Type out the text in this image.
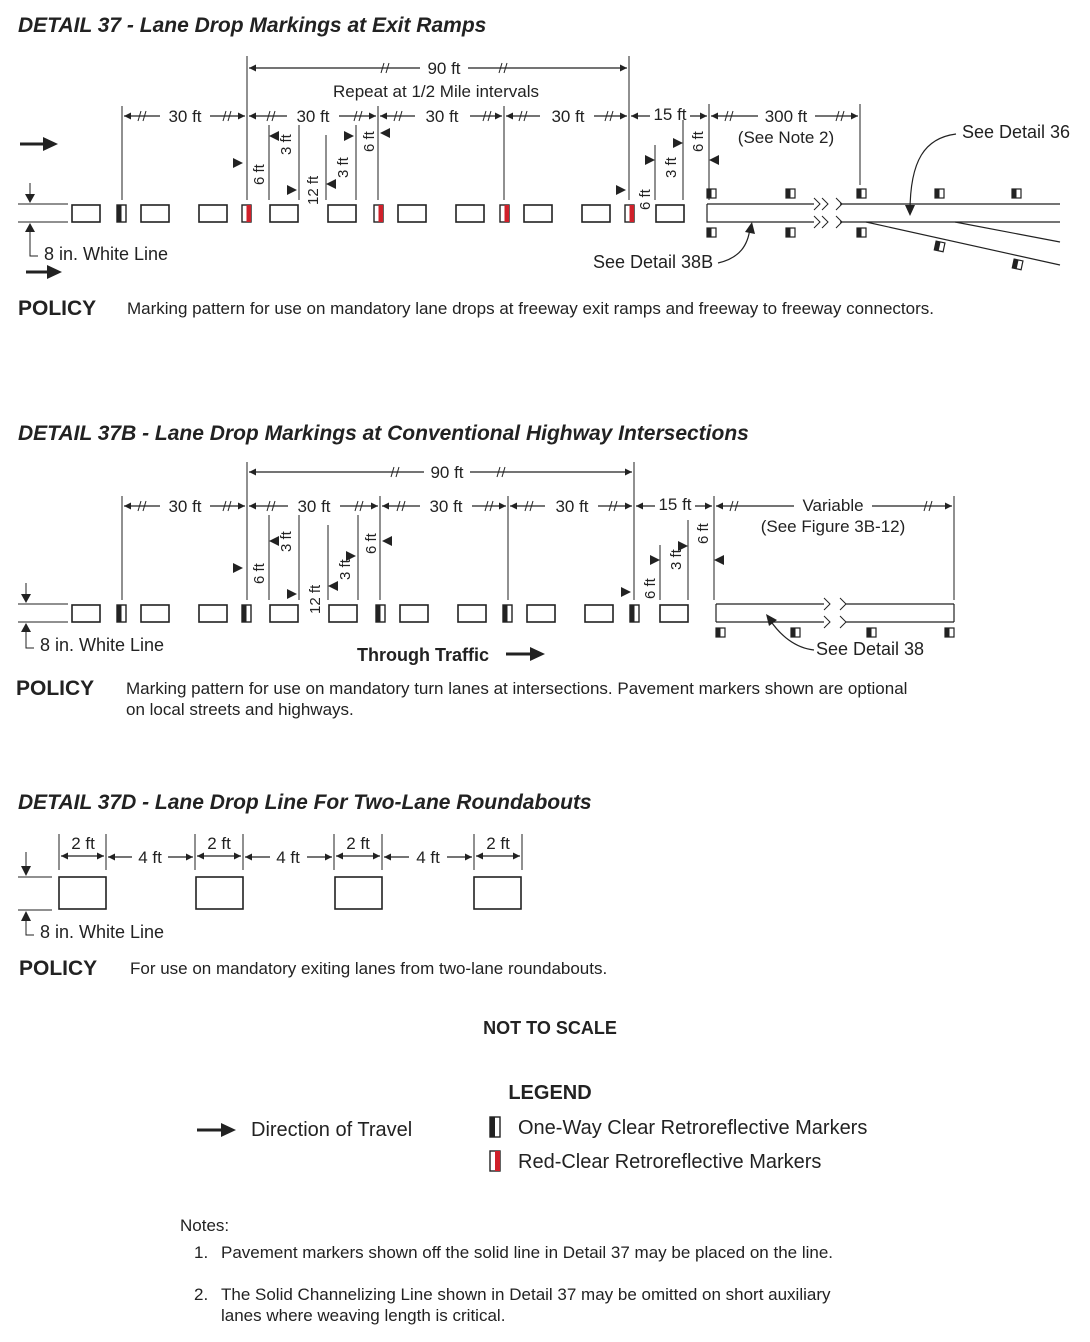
DETAIL 37 - Lane Drop Markings at Exit Ramps
90 ft
Repeat at 1/2 Mile intervals
30 ft	30 ft	30 ft	30 ft	15 ft	300 ft
(See Note 2)
6 ft
3 ft
12 ft
3 ft
6 ft
6 ft
3 ft
6 ft
8 in. White Line
See Detail 36
See Detail 38B
POLICY Marking pattern for use on mandatory lane drops at freeway exit ramps and freeway to freeway connectors.
DETAIL 37B - Lane Drop Markings at Conventional Highway Intersections
90 ft
30 ft	30 ft	30 ft	30 ft	15 ft	Variable
(See Figure 3B-12)
6 ft
3 ft
12 ft
3 ft
6 ft
6 ft
3 ft
6 ft
8 in. White Line	See Detail 38
Through Traffic
POLICY Marking pattern for use on mandatory turn lanes at intersections. Pavement markers shown are optional
on local streets and highways.
DETAIL 37D - Lane Drop Line For Two-Lane Roundabouts
2 ft	2 ft	2 ft	2 ft
4 ft	4 ft	4 ft
8 in. White Line
POLICY For use on mandatory exiting lanes from two-lane roundabouts.
NOT TO SCALE
LEGEND
Direction of Travel	One-Way Clear Retroreflective Markers
Red-Clear Retroreflective Markers
Notes:
1. Pavement markers shown off the solid line in Detail 37 may be placed on the line.
2. The Solid Channelizing Line shown in Detail 37 may be omitted on short auxiliary
lanes where weaving length is critical.
